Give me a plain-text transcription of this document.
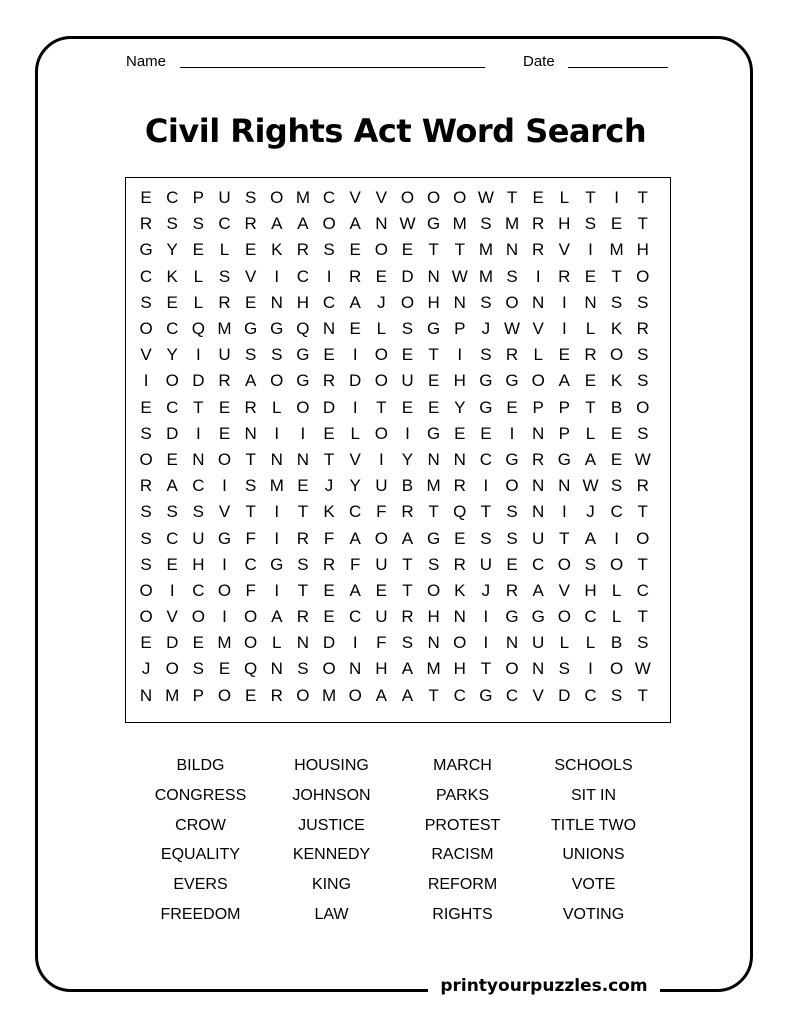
Name	Date
Civil Rights Act Word Search
E C P U S O M C V V O O O W T E L T	I	T
R S S C R A A O A N W G M S M R H S E T
G Y E L E K R S E O E T T M N R V	I M H
C K L S V	I	C	I	R E D N W M S	I	R E T O
S E L R E N H C A J O H N S O N	I	N S S
O C Q M G G Q N E L S G P J W V	I	L K R
V Y	I	U S S G E	I	O E T	I	S R L E R O S
I	O D R A O G R D O U E H G G O A E K S
E C T E R L O D	I	T E E Y G E P P T B O
S D	I	E N	I	I	E L O	I	G E E	I	N P L E S
O E N O T N N T V	I	Y N N C G R G A E W
R A C	I	S M E J Y U B M R	I	O N N W S R
S S S V T	I	T K C F R T Q T S N	I	J C T
S C U G F	I	R F A O A G E S S U T A	I	O
S E H	I	C G S R F U T S R U E C O S O T
O	I	C O F	I	T E A E T O K J R A V H L C
O V O	I	O A R E C U R H N	I	G G O C L T
E D E M O L N D	I	F S N O	I	N U L L B S
J O S E Q N S O N H A M H T O N S	I	O W
N M P O E R O M O A A T C G C V D C S T
BILDG	HOUSING	MARCH	SCHOOLS
CONGRESS	JOHNSON	PARKS	SIT IN
CROW	JUSTICE	PROTEST	TITLE TWO
EQUALITY	KENNEDY	RACISM	UNIONS
EVERS	KING	REFORM	VOTE
FREEDOM	LAW	RIGHTS	VOTING
printyourpuzzles.com
